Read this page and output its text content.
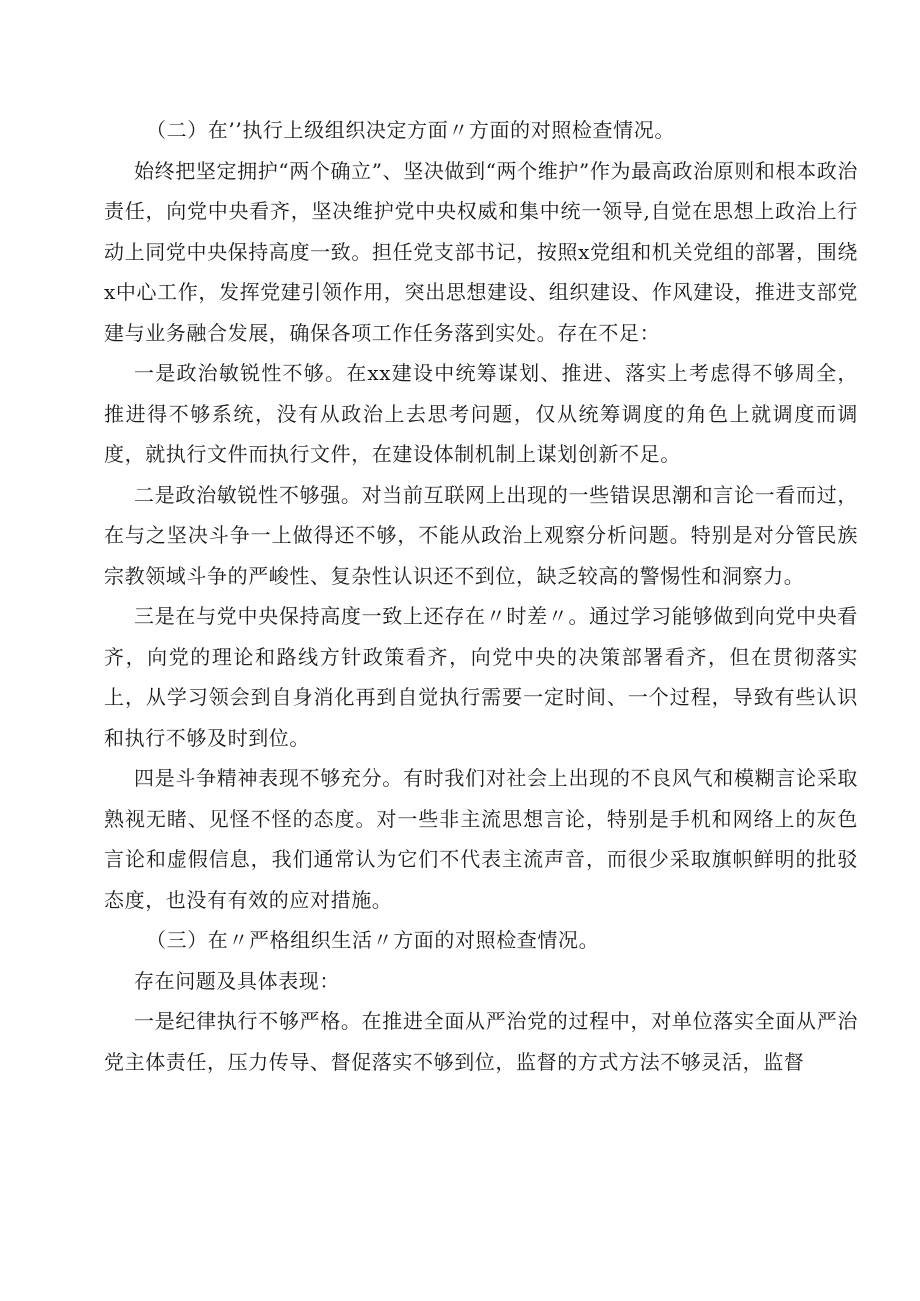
（二）在’’执行上级组织决定方面〃方面的对照检查情况。

始终把坚定拥护“两个确立”、坚决做到“两个维护”作为最高政治原则和根本政治责任，向党中央看齐，坚决维护党中央权威和集中统一领导,自觉在思想上政治上行动上同党中央保持高度一致。担任党支部书记，按照x党组和机关党组的部署，围绕x中心工作，发挥党建引领作用，突出思想建设、组织建设、作风建设，推进支部党建与业务融合发展，确保各项工作任务落到实处。存在不足：

一是政治敏锐性不够。在xx建设中统筹谋划、推进、落实上考虑得不够周全，推进得不够系统，没有从政治上去思考问题，仅从统筹调度的角色上就调度而调度，就执行文件而执行文件，在建设体制机制上谋划创新不足。

二是政治敏锐性不够强。对当前互联网上出现的一些错误思潮和言论一看而过，在与之坚决斗争一上做得还不够，不能从政治上观察分析问题。特别是对分管民族宗教领域斗争的严峻性、复杂性认识还不到位，缺乏较高的警惕性和洞察力。

三是在与党中央保持高度一致上还存在〃时差〃。通过学习能够做到向党中央看齐，向党的理论和路线方针政策看齐，向党中央的决策部署看齐，但在贯彻落实上，从学习领会到自身消化再到自觉执行需要一定时间、一个过程，导致有些认识和执行不够及时到位。

四是斗争精神表现不够充分。有时我们对社会上出现的不良风气和模糊言论采取熟视无睹、见怪不怪的态度。对一些非主流思想言论，特别是手机和网络上的灰色言论和虚假信息，我们通常认为它们不代表主流声音，而很少采取旗帜鲜明的批驳态度，也没有有效的应对措施。

（三）在〃严格组织生活〃方面的对照检查情况。

存在问题及具体表现：

一是纪律执行不够严格。在推进全面从严治党的过程中，对单位落实全面从严治党主体责任，压力传导、督促落实不够到位，监督的方式方法不够灵活，监督
